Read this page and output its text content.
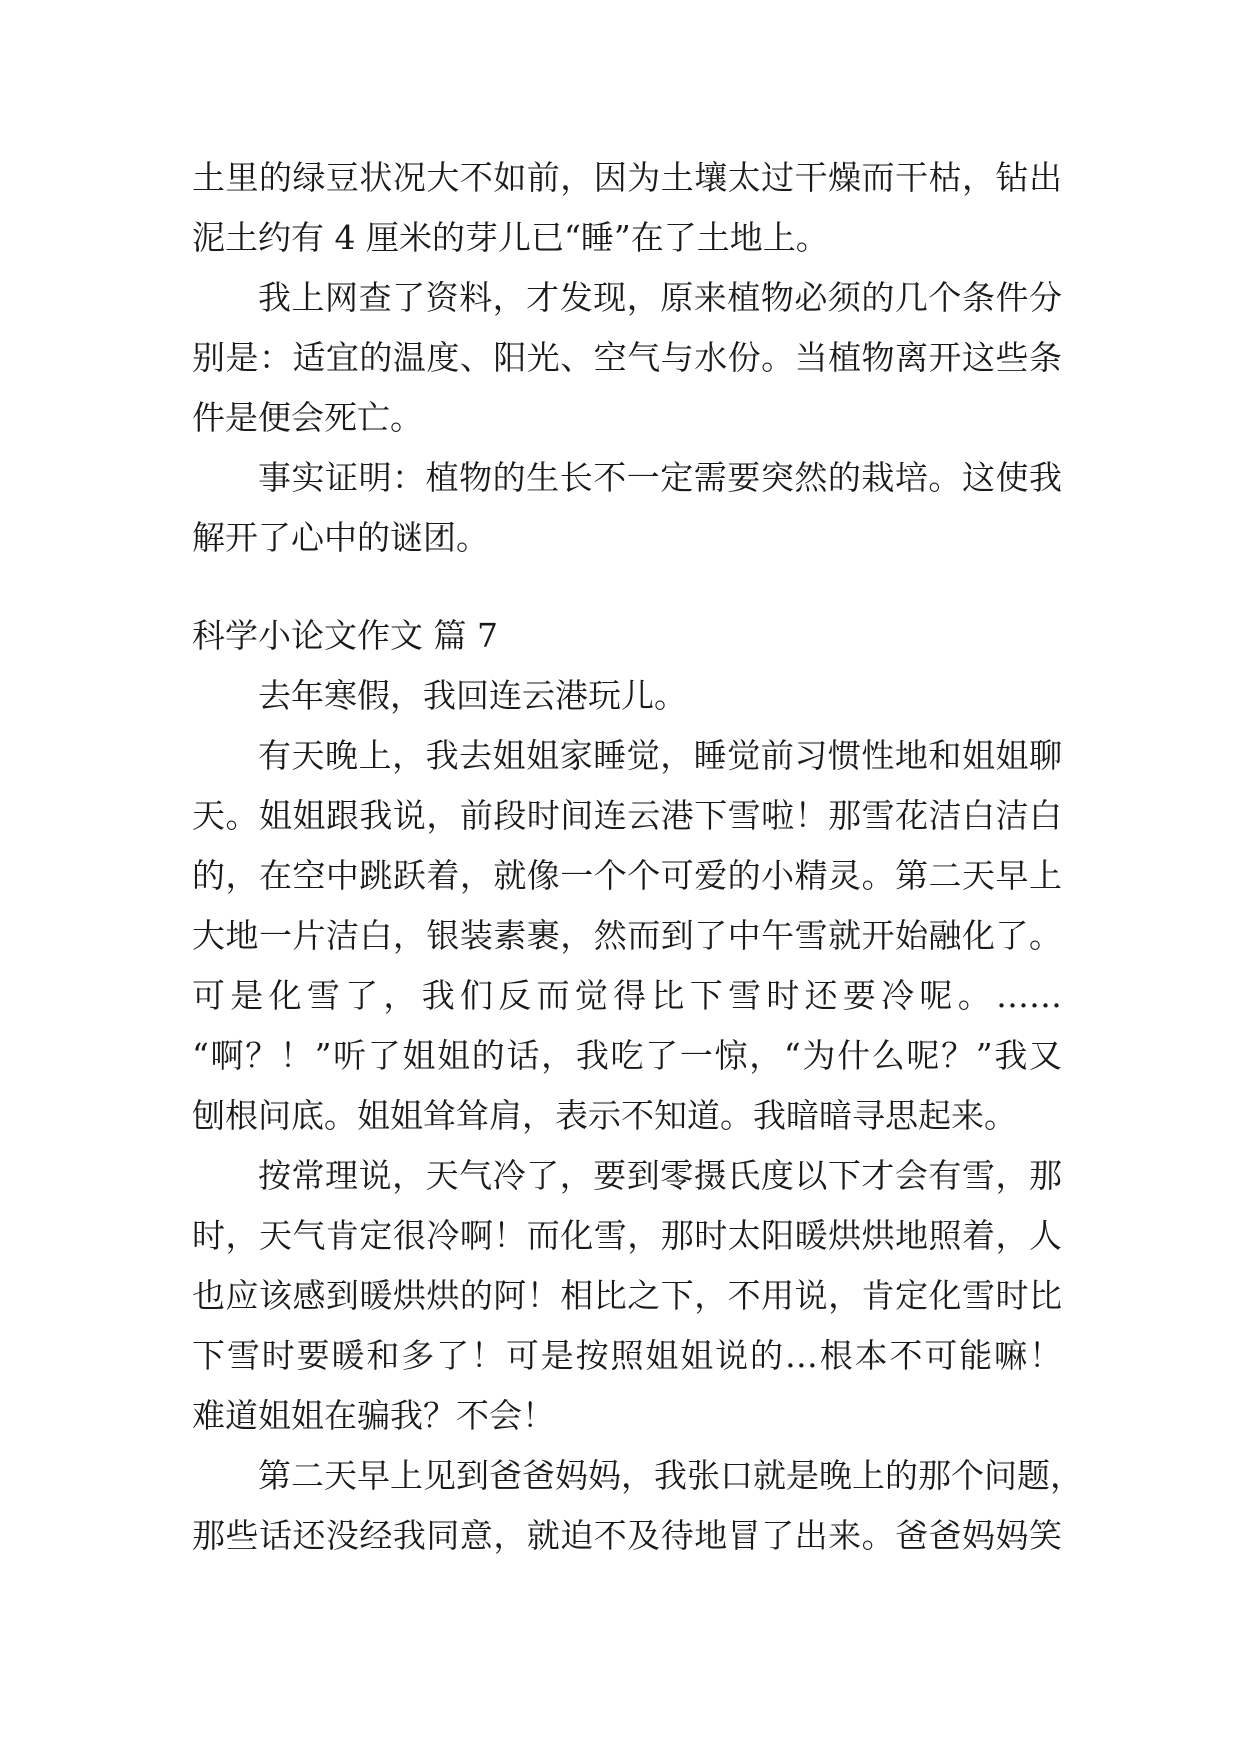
土里的绿豆状况大不如前，因为土壤太过干燥而干枯，钻出
泥土约有 4 厘米的芽儿已“睡”在了土地上。
我上网查了资料，才发现，原来植物必须的几个条件分
别是：适宜的温度、阳光、空气与水份。当植物离开这些条
件是便会死亡。
事实证明：植物的生长不一定需要突然的栽培。这使我
解开了心中的谜团。
科学小论文作文 篇 7
去年寒假，我回连云港玩儿。
有天晚上，我去姐姐家睡觉，睡觉前习惯性地和姐姐聊
天。姐姐跟我说，前段时间连云港下雪啦！那雪花洁白洁白
的，在空中跳跃着，就像一个个可爱的小精灵。第二天早上
大地一片洁白，银装素裹，然而到了中午雪就开始融化了。
可是化雪了，我们反而觉得比下雪时还要冷呢。……
“啊？！”听了姐姐的话，我吃了一惊，“为什么呢？”我又
刨根问底。姐姐耸耸肩，表示不知道。我暗暗寻思起来。
按常理说，天气冷了，要到零摄氏度以下才会有雪，那
时，天气肯定很冷啊！而化雪，那时太阳暖烘烘地照着，人
也应该感到暖烘烘的阿！相比之下，不用说，肯定化雪时比
下雪时要暖和多了！可是按照姐姐说的…根本不可能嘛！
难道姐姐在骗我？不会！
第二天早上见到爸爸妈妈，我张口就是晚上的那个问题，
那些话还没经我同意，就迫不及待地冒了出来。爸爸妈妈笑
